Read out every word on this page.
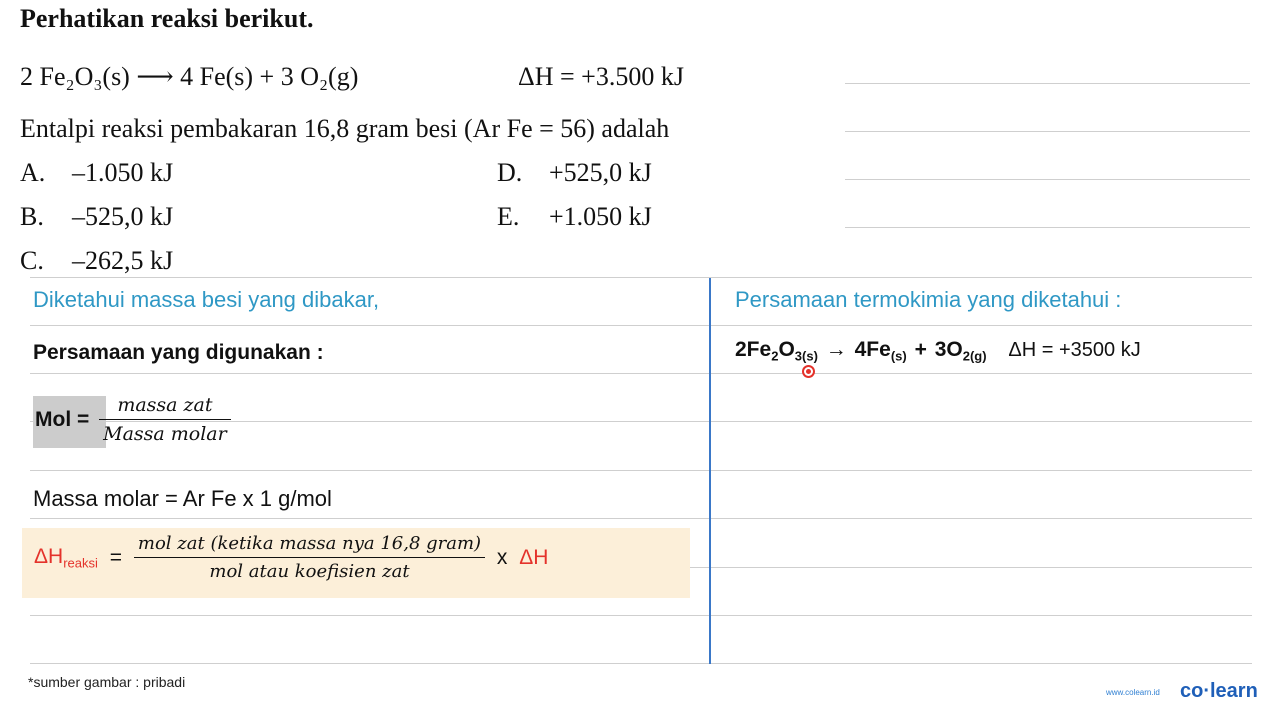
Perhatikan reaksi berikut.
2 Fe₂O₃(s) ⟶ 4 Fe(s) + 3 O₂(g)	ΔH = +3.500 kJ
Entalpi reaksi pembakaran 16,8 gram besi (Ar Fe = 56) adalah
A. –1.050 kJ
B. –525,0 kJ
C. –262,5 kJ
D. +525,0 kJ
E. +1.050 kJ
Diketahui massa besi yang dibakar,
Persamaan yang digunakan :
Mol = $\frac{\text{massa zat}}{\text{Massa molar}}$
Massa molar = Ar Fe x 1 g/mol
$\Delta H_{reaksi} = \frac{\text{mol zat (ketika massa nya 16,8 gram)}}{\text{mol atau koefisien zat}}$ x ΔH
Persamaan termokimia yang diketahui :
$2Fe_2O_{3(s)} \to 4Fe_{(s)} + 3O_{2(g)}$ ΔH = +3500 kJ
*sumber gambar : pribadi
www.colearn.id co·learn
